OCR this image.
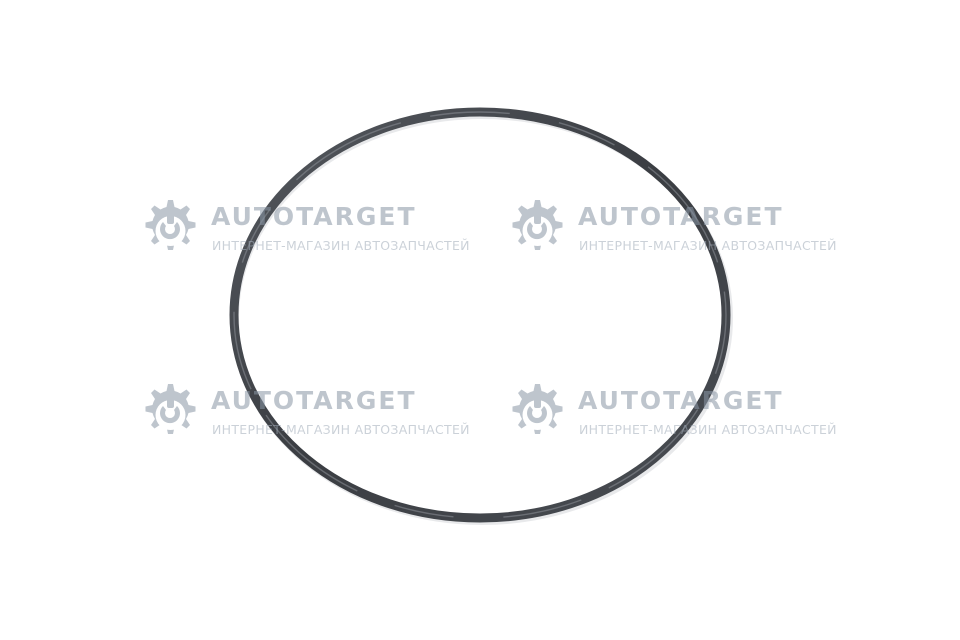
AUTOTARGET
ИНТЕРНЕТ-МАГАЗИН АВТОЗАПЧАСТЕЙ
AUTOTARGET
ИНТЕРНЕТ-МАГАЗИН АВТОЗАПЧАСТЕЙ
AUTOTARGET
ИНТЕРНЕТ-МАГАЗИН АВТОЗАПЧАСТЕЙ
AUTOTARGET
ИНТЕРНЕТ-МАГАЗИН АВТОЗАПЧАСТЕЙ
